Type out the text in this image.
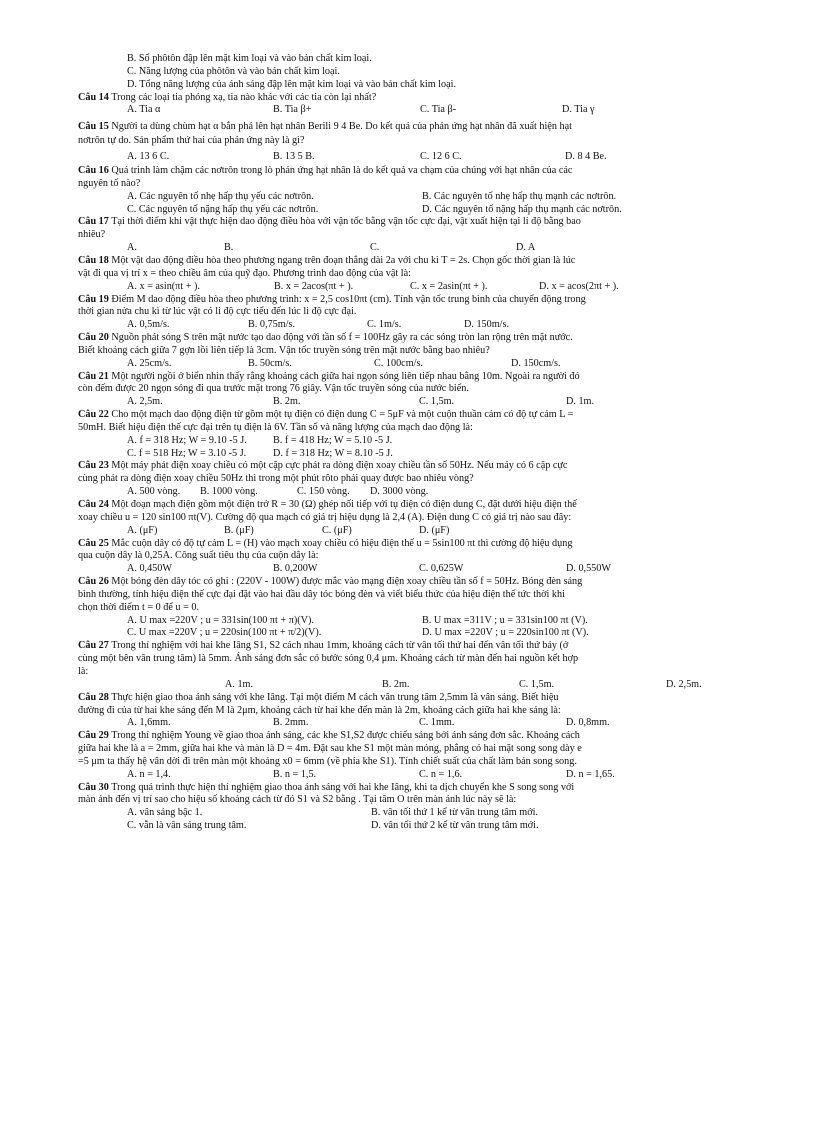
B. Số phôtôn đập lên mặt kim loại và vào bản chất kim loại.
C. Năng lượng của phôtôn và vào bản chất kim loại.
D. Tổng năng lượng của ánh sáng đập lên mặt kim loại và vào bản chất kim loại.
Câu 14 Trong các loại tia phóng xạ, tia nào khác với các tia còn lại nhất?
A. Tia α	B. Tia β+	C. Tia β-	D. Tia γ
Câu 15 Người ta dùng chùm hạt α bắn phá lên hạt nhân Berili 9 4 Be. Do kết quả của phản ứng hạt nhân đã xuất hiện hạt
nơtrôn tự do. Sản phẩm thứ hai của phản ứng này là gì?
A. 13 6 C.	B. 13 5 B.	C. 12 6 C.	D. 8 4 Be.
Câu 16 Quá trình làm chậm các nơtrôn trong lò phản ứng hạt nhân là do kết quả va chạm của chúng với hạt nhân của các
nguyên tố nào?
A. Các nguyên tố nhẹ hấp thụ yếu các nơtrôn.	B. Các nguyên tố nhẹ hấp thụ mạnh các nơtrôn.
C. Các nguyên tố nặng hấp thụ yếu các nơtrôn.	D. Các nguyên tố nặng hấp thụ mạnh các nơtrôn.
Câu 17 Tại thời điểm khi vật thực hiện dao động điều hòa với vận tốc bằng vận tốc cực đại, vật xuất hiện tại li độ bằng bao
nhiêu?
A.	B.	C.	D. A
Câu 18 Một vật dao động điều hòa theo phương ngang trên đoạn thẳng dài 2a với chu kì T = 2s. Chọn gốc thời gian là lúc
vật đi qua vị trí x = theo chiều âm của quỹ đạo. Phương trình dao động của vật là:
A. x = asin(πt + ).	B. x = 2acos(πt + ).	C. x = 2asin(πt + ).	D. x = acos(2πt + ).
Câu 19 Điểm M dao động điều hòa theo phương trình: x = 2,5 cos10πt (cm). Tính vận tốc trung bình của chuyển động trong
thời gian nửa chu kì từ lúc vật có li độ cực tiểu đến lúc li độ cực đại.
A. 0,5m/s.	B. 0,75m/s.	C. 1m/s.	D. 150m/s.
Câu 20 Nguồn phát sóng S trên mặt nước tạo dao động với tần số f = 100Hz gây ra các sóng tròn lan rộng trên mặt nước.
Biết khoảng cách giữa 7 gợn lồi liên tiếp là 3cm. Vận tốc truyền sóng trên mặt nước bằng bao nhiêu?
A. 25cm/s.	B. 50cm/s.	C. 100cm/s.	D. 150cm/s.
Câu 21 Một người ngồi ở biển nhìn thấy rằng khoảng cách giữa hai ngọn sóng liên tiếp nhau bằng 10m. Ngoài ra người đó
còn đếm được 20 ngọn sóng đi qua trước mặt trong 76 giây. Vận tốc truyền sóng của nước biển.
A. 2,5m.	B. 2m.	C. 1,5m.	D. 1m.
Câu 22 Cho một mạch dao động điện từ gồm một tụ điện có điện dung C = 5μF và một cuộn thuần cảm có độ tự cảm L =
50mH. Biết hiệu điện thế cực đại trên tụ điện là 6V. Tần số và năng lượng của mạch dao động là:
A. f = 318 Hz; W = 9.10 -5 J.	B. f = 418 Hz; W = 5.10 -5 J.
C. f = 518 Hz; W = 3.10 -5 J.	D. f = 318 Hz; W = 8.10 -5 J.
Câu 23 Một máy phát điện xoay chiều có một cặp cực phát ra dòng điện xoay chiều tần số 50Hz. Nếu máy có 6 cặp cực
cùng phát ra dòng điện xoay chiều 50Hz thì trong một phút rôto phải quay được bao nhiêu vòng?
A. 500 vòng.	B. 1000 vòng.	C. 150 vòng.	D. 3000 vòng.
Câu 24 Một đoạn mạch điện gồm một điện trở R = 30 (Ω) ghép nối tiếp với tụ điện có điện dung C, đặt dưới hiệu điện thế
xoay chiều u = 120 sin100 πt(V). Cường độ qua mạch có giá trị hiệu dụng là 2,4 (A). Điện dung C có giá trị nào sau đây:
A. (μF)	B. (μF)	C. (μF)	D. (μF)
Câu 25 Mắc cuộn dây có độ tự cảm L = (H) vào mạch xoay chiều có hiệu điện thế u = 5sin100 πt thì cường độ hiệu dụng
qua cuộn dây là 0,25A. Công suất tiêu thụ của cuộn dây là:
A. 0,450W	B. 0,200W	C. 0,625W	D. 0,550W
Câu 26 Một bóng đèn dây tóc có ghi : (220V - 100W) được mắc vào mạng điện xoay chiều tần số f = 50Hz. Bóng đèn sáng
bình thường, tính hiệu điện thế cực đại đặt vào hai đầu dây tóc bóng đèn và viết biểu thức của hiệu điện thế tức thời khi
chọn thời điểm t = 0 để u = 0.
A. U max =220V ; u = 331sin(100 πt + π)(V).	B. U max =311V ; u = 331sin100 πt (V).
C. U max =220V ; u = 220sin(100 πt + π/2)(V).	D. U max =220V ; u = 220sin100 πt (V).
Câu 27 Trong thí nghiệm với hai khe Iâng S1, S2 cách nhau 1mm, khoảng cách từ vân tối thứ hai đến vân tối thứ bảy (ở
cùng một bên vân trung tâm) là 5mm. Ánh sáng đơn sắc có bước sóng 0,4 μm. Khoảng cách từ màn đến hai nguồn kết hợp
là:
A. 1m.	B. 2m.	C. 1,5m.	D. 2,5m.
Câu 28 Thực hiện giao thoa ánh sáng với khe Iâng. Tại một điểm M cách vân trung tâm 2,5mm là vân sáng. Biết hiệu
đường đi của từ hai khe sáng đến M là 2μm, khoảng cách từ hai khe đến màn là 2m, khoảng cách giữa hai khe sáng là:
A. 1,6mm.	B. 2mm.	C. 1mm.	D. 0,8mm.
Câu 29 Trong thí nghiệm Young về giao thoa ánh sáng, các khe S1,S2 được chiếu sáng bởi ánh sáng đơn sắc. Khoảng cách
giữa hai khe là a = 2mm, giữa hai khe và màn là D = 4m. Đặt sau khe S1 một màn mỏng, phẳng có hai mặt song song dày e
=5 μm ta thấy hệ vân dời đi trên màn một khoảng x0 = 6mm (về phía khe S1). Tính chiết suất của chất làm bản song song.
A. n = 1,4.	B. n = 1,5.	C. n = 1,6.	D. n = 1,65.
Câu 30 Trong quá trình thực hiện thí nghiệm giao thoa ánh sáng với hai khe Iâng, khi ta dịch chuyển khe S song song với
màn ảnh đến vị trí sao cho hiệu số khoảng cách từ đó S1 và S2 bằng . Tại tâm O trên màn ảnh lúc này sẽ là:
A. vân sáng bậc 1.	B. vân tối thứ 1 kể từ vân trung tâm mới.
C. vẫn là vân sáng trung tâm.	D. vân tối thứ 2 kể từ vân trung tâm mới.
